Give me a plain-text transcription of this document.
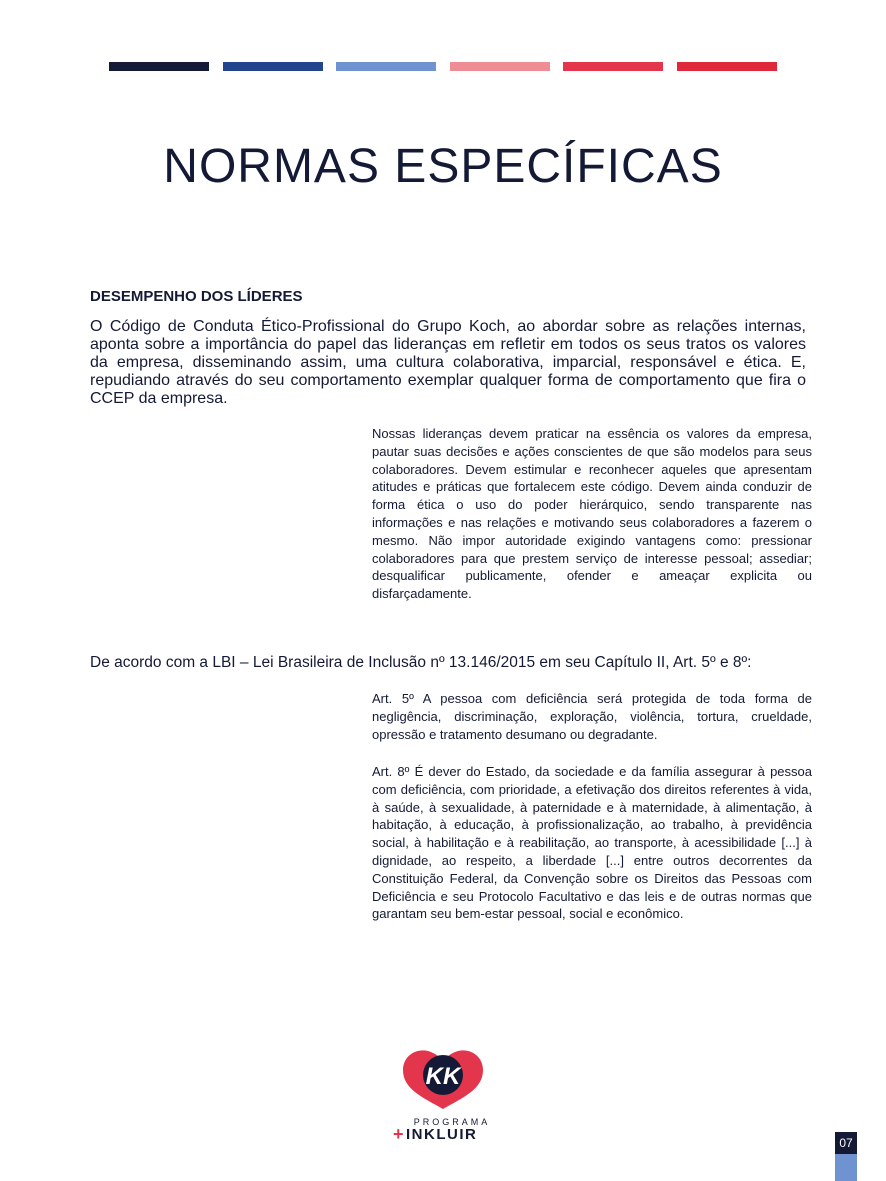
NORMAS ESPECÍFICAS
DESEMPENHO DOS LÍDERES

O Código de Conduta Ético-Profissional do Grupo Koch, ao abordar sobre as relações internas, aponta sobre a importância do papel das lideranças em refletir em todos os seus tratos os valores da empresa, disseminando assim, uma cultura colaborativa, imparcial, responsável e ética. E, repudiando através do seu comportamento exemplar qualquer forma de comportamento que fira o CCEP da empresa.

Nossas lideranças devem praticar na essência os valores da empresa, pautar suas decisões e ações conscientes de que são modelos para seus colaboradores. Devem estimular e reconhecer aqueles que apresentam atitudes e práticas que fortalecem este código. Devem ainda conduzir de forma ética o uso do poder hierárquico, sendo transparente nas informações e nas relações e motivando seus colaboradores a fazerem o mesmo. Não impor autoridade exigindo vantagens como: pressionar colaboradores para que prestem serviço de interesse pessoal; assediar; desqualificar publicamente, ofender e ameaçar explicita ou disfarçadamente.

De acordo com a LBI – Lei Brasileira de Inclusão nº 13.146/2015 em seu Capítulo II, Art. 5º e 8º:

Art. 5º A pessoa com deficiência será protegida de toda forma de negligência, discriminação, exploração, violência, tortura, crueldade, opressão e tratamento desumano ou degradante.

Art. 8º É dever do Estado, da sociedade e da família assegurar à pessoa com deficiência, com prioridade, a efetivação dos direitos referentes à vida, à saúde, à sexualidade, à paternidade e à maternidade, à alimentação, à habitação, à educação, à profissionalização, ao trabalho, à previdência social, à habilitação e à reabilitação, ao transporte, à acessibilidade [...] à dignidade, ao respeito, a liberdade [...] entre outros decorrentes da Constituição Federal, da Convenção sobre os Direitos das Pessoas com Deficiência e seu Protocolo Facultativo e das leis e de outras normas que garantam seu bem-estar pessoal, social e econômico.

KK
PROGRAMA
+ INKLUIR	07
